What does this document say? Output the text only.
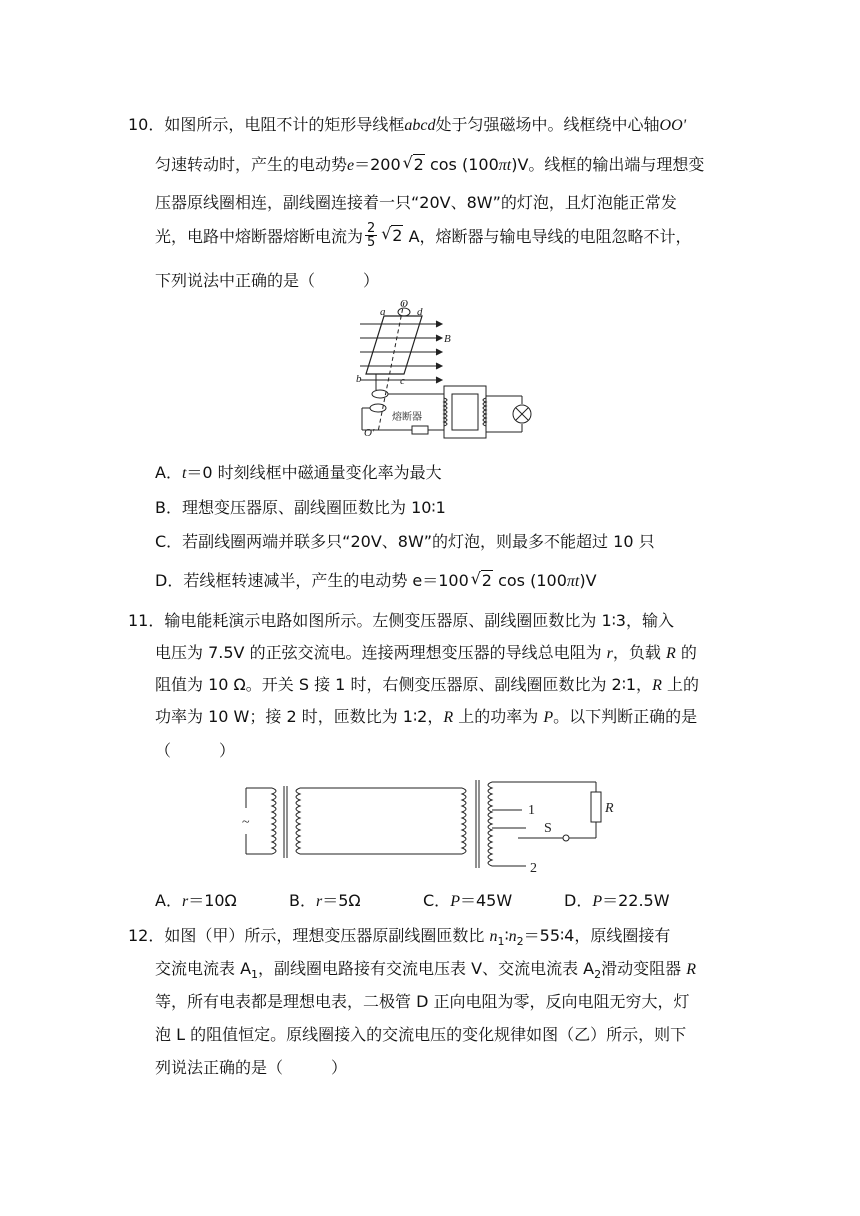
10．如图所示，电阻不计的矩形导线框abcd处于匀强磁场中。线框绕中心轴OO'
匀速转动时，产生的电动势e＝200 √ 2 cos (100πt)V。线框的输出端与理想变
压器原线圈相连，副线圈连接着一只“20V、8W”的灯泡，且灯泡能正常发
光，电路中熔断器熔断电流为 $\frac{2}{5}$ √ 2 A，熔断器与输电导线的电阻忽略不计，
下列说法中正确的是（　　　）
O
a	d
B
b	c
O'
熔断器
A．t＝0 时刻线框中磁通量变化率为最大
B．理想变压器原、副线圈匝数比为 10∶1
C．若副线圈两端并联多只“20V、8W”的灯泡，则最多不能超过 10 只
D．若线框转速减半，产生的电动势 e＝100 √ 2 cos (100πt)V
11．输电能耗演示电路如图所示。左侧变压器原、副线圈匝数比为 1∶3，输入
电压为 7.5V 的正弦交流电。连接两理想变压器的导线总电阻为 r，负载 R 的
阻值为 10 Ω。开关 S 接 1 时，右侧变压器原、副线圈匝数比为 2∶1，R 上的
功率为 10 W；接 2 时，匝数比为 1∶2，R 上的功率为 P。以下判断正确的是
（　　　）
~
1
S
2
R
A．r＝10Ω	B．r＝5Ω	C．P＝45W	D．P＝22.5W
12．如图（甲）所示，理想变压器原副线圈匝数比 $n_1∶n_2=55∶4$，原线圈接有
交流电流表 $A_1$，副线圈电路接有交流电压表 V、交流电流表 $A_2$滑动变阻器 R
等，所有电表都是理想电表，二极管 D 正向电阻为零，反向电阻无穷大，灯
泡 L 的阻值恒定。原线圈接入的交流电压的变化规律如图（乙）所示，则下
列说法正确的是（　　　）
